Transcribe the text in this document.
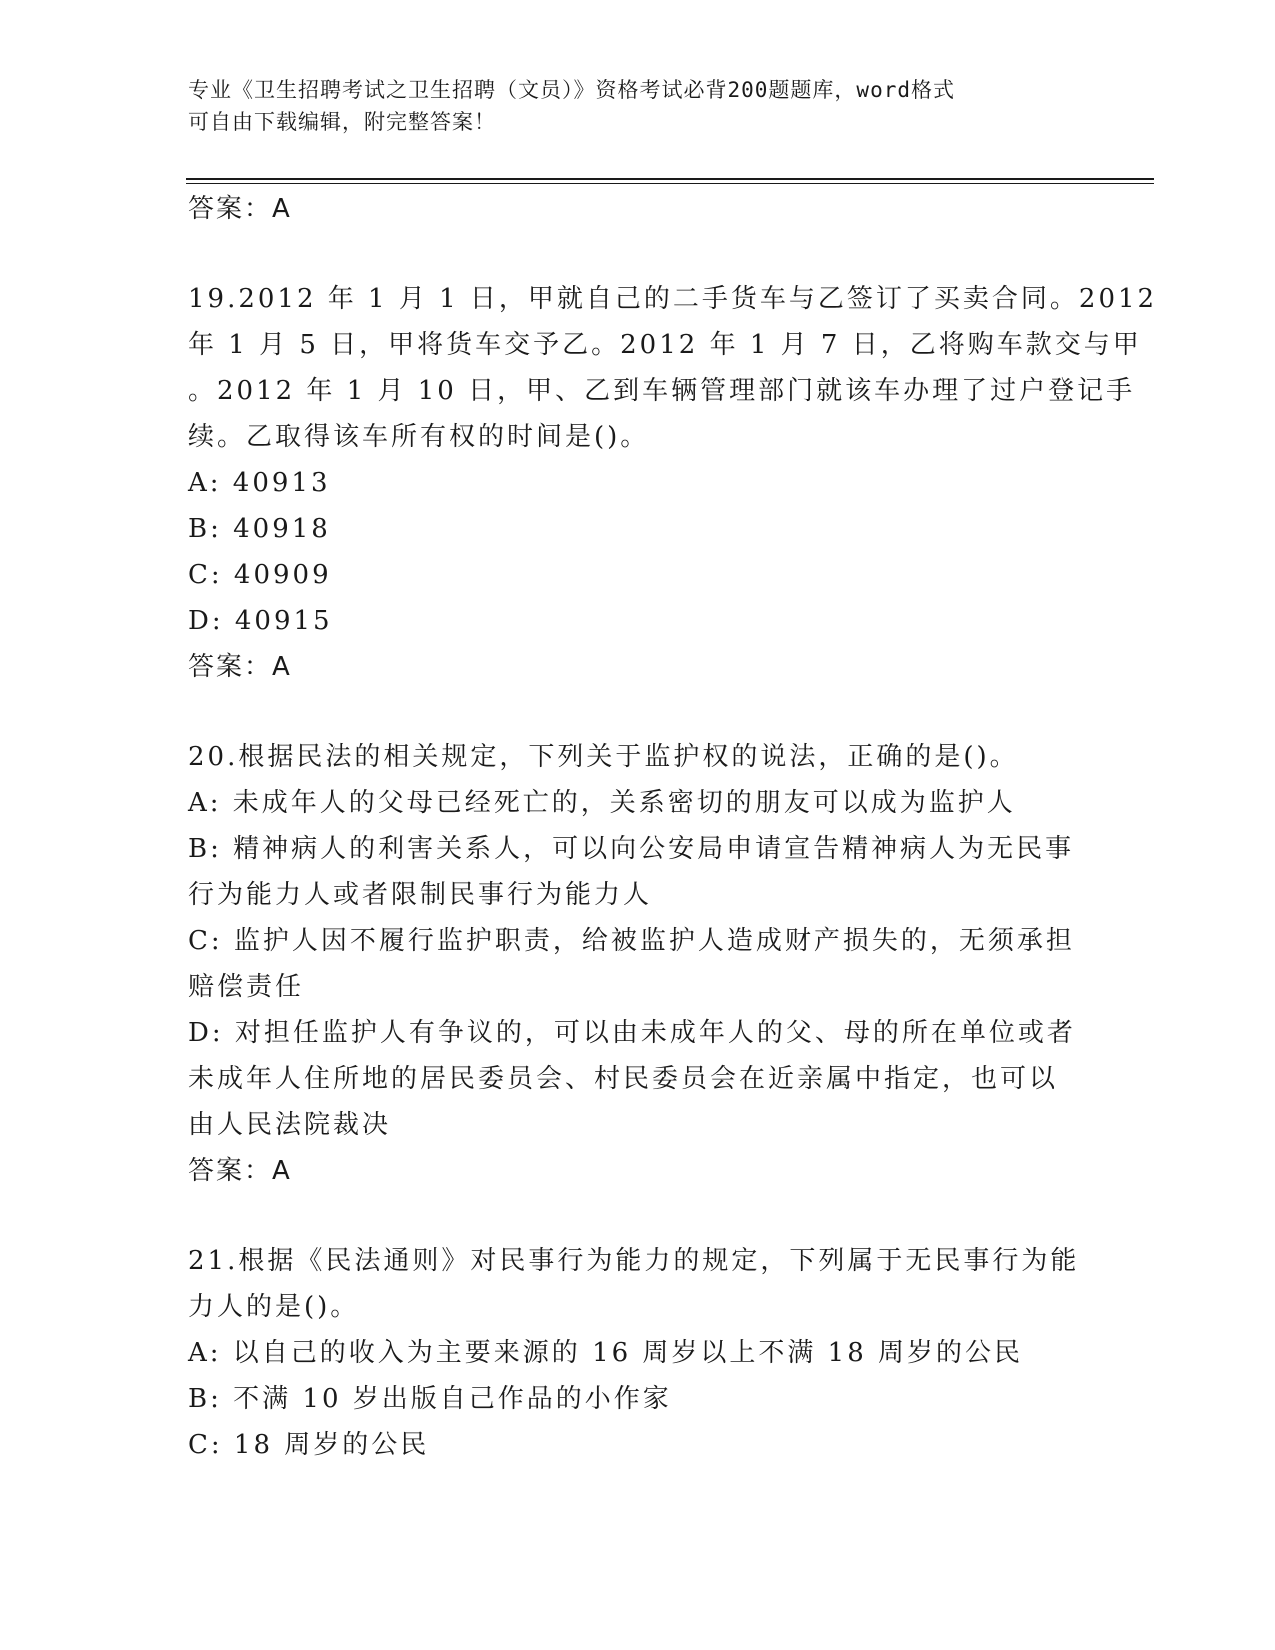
专业《卫生招聘考试之卫生招聘（文员）》资格考试必背200题题库，word格式
可自由下载编辑，附完整答案！
答案：A
19.2012 年 1 月 1 日，甲就自己的二手货车与乙签订了买卖合同。2012
年 1 月 5 日，甲将货车交予乙。2012 年 1 月 7 日，乙将购车款交与甲
。2012 年 1 月 10 日，甲、乙到车辆管理部门就该车办理了过户登记手
续。乙取得该车所有权的时间是()。
A: 40913
B: 40918
C: 40909
D: 40915
答案：A
20.根据民法的相关规定，下列关于监护权的说法，正确的是()。
A: 未成年人的父母已经死亡的，关系密切的朋友可以成为监护人
B: 精神病人的利害关系人，可以向公安局申请宣告精神病人为无民事
行为能力人或者限制民事行为能力人
C: 监护人因不履行监护职责，给被监护人造成财产损失的，无须承担
赔偿责任
D: 对担任监护人有争议的，可以由未成年人的父、母的所在单位或者
未成年人住所地的居民委员会、村民委员会在近亲属中指定，也可以
由人民法院裁决
答案：A
21.根据《民法通则》对民事行为能力的规定，下列属于无民事行为能
力人的是()。
A: 以自己的收入为主要来源的 16 周岁以上不满 18 周岁的公民
B: 不满 10 岁出版自己作品的小作家
C: 18 周岁的公民
